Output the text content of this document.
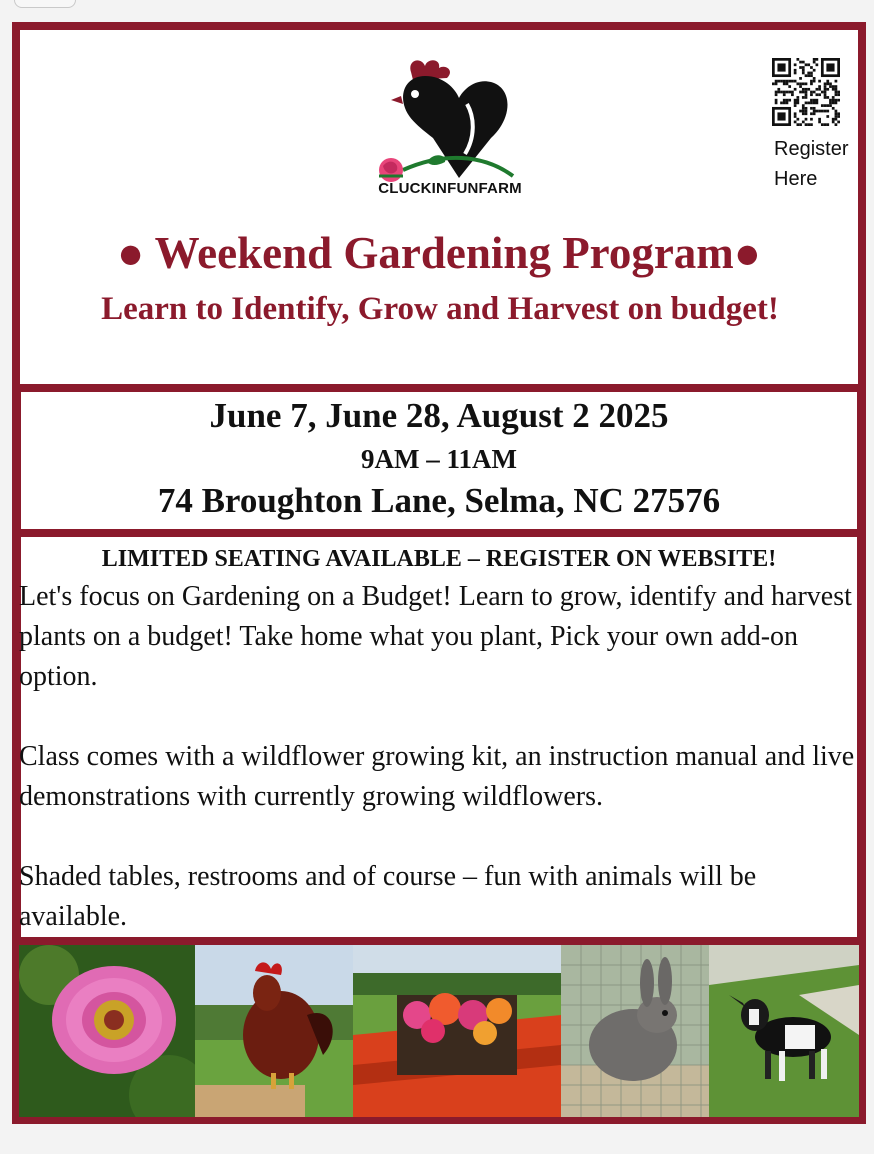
CLUCKINFUNFARM
Register
Here
● Weekend Gardening Program●
Learn to Identify, Grow and Harvest on budget!
June 7, June 28, August 2 2025
9AM – 11AM
74 Broughton Lane, Selma, NC 27576
LIMITED SEATING AVAILABLE – REGISTER ON WEBSITE!
Let's focus on Gardening on a Budget! Learn to grow, identify and harvest plants on a budget! Take home what you plant, Pick your own add-on option.
Class comes with a wildflower growing kit, an instruction manual and live demonstrations with currently growing wildflowers.
Shaded tables, restrooms and of course – fun with animals will be available.
